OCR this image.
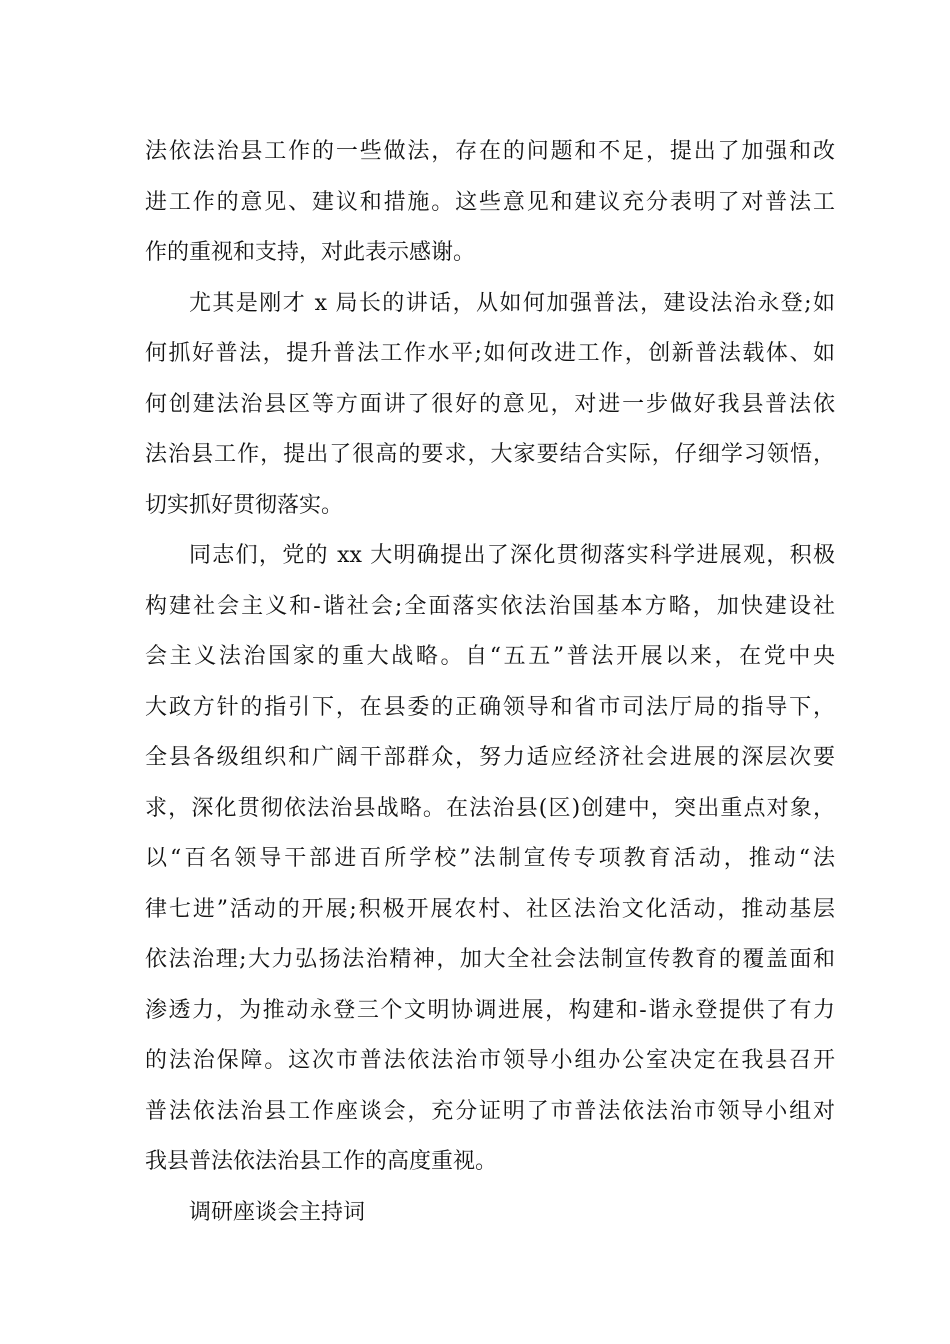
法依法治县工作的一些做法，存在的问题和不足，提出了加强和改
进工作的意见、建议和措施。这些意见和建议充分表明了对普法工
作的重视和支持，对此表示感谢。
尤其是刚才 x 局长的讲话，从如何加强普法，建设法治永登;如
何抓好普法，提升普法工作水平;如何改进工作，创新普法载体、如
何创建法治县区等方面讲了很好的意见，对进一步做好我县普法依
法治县工作，提出了很高的要求，大家要结合实际，仔细学习领悟，
切实抓好贯彻落实。
同志们，党的 xx 大明确提出了深化贯彻落实科学进展观，积极
构建社会主义和-谐社会;全面落实依法治国基本方略，加快建设社
会主义法治国家的重大战略。自“五五”普法开展以来，在党中央
大政方针的指引下，在县委的正确领导和省市司法厅局的指导下，
全县各级组织和广阔干部群众，努力适应经济社会进展的深层次要
求，深化贯彻依法治县战略。在法治县(区)创建中，突出重点对象，
以“百名领导干部进百所学校”法制宣传专项教育活动，推动“法
律七进”活动的开展;积极开展农村、社区法治文化活动，推动基层
依法治理;大力弘扬法治精神，加大全社会法制宣传教育的覆盖面和
渗透力，为推动永登三个文明协调进展，构建和-谐永登提供了有力
的法治保障。这次市普法依法治市领导小组办公室决定在我县召开
普法依法治县工作座谈会，充分证明了市普法依法治市领导小组对
我县普法依法治县工作的高度重视。
调研座谈会主持词
